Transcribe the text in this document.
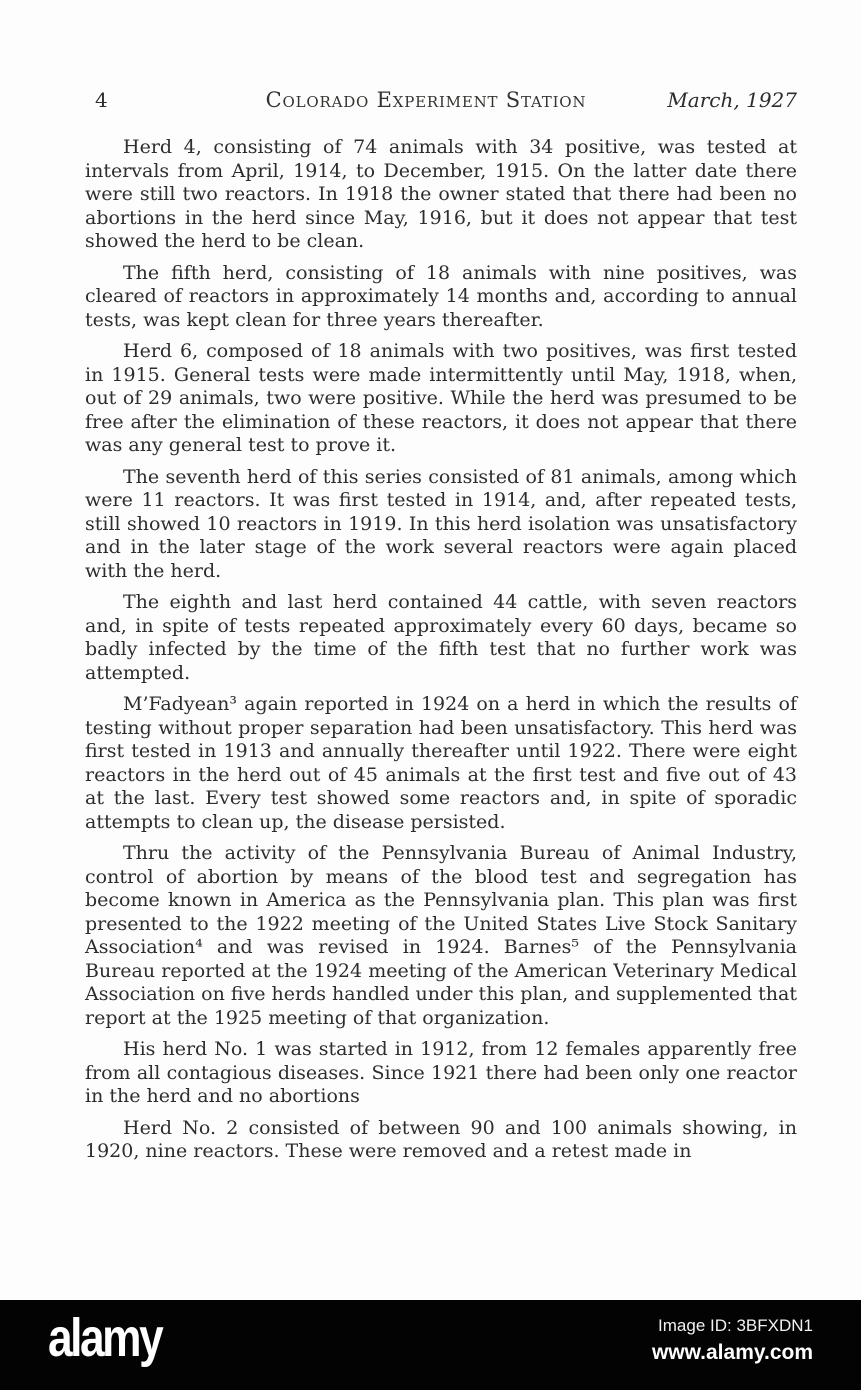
4	Colorado Experiment Station	March, 1927

Herd 4, consisting of 74 animals with 34 positive, was tested at intervals from April, 1914, to December, 1915. On the latter date there were still two reactors. In 1918 the owner stated that there had been no abortions in the herd since May, 1916, but it does not appear that test showed the herd to be clean.

The fifth herd, consisting of 18 animals with nine positives, was cleared of reactors in approximately 14 months and, according to annual tests, was kept clean for three years thereafter.

Herd 6, composed of 18 animals with two positives, was first tested in 1915. General tests were made intermittently until May, 1918, when, out of 29 animals, two were positive. While the herd was presumed to be free after the elimination of these reactors, it does not appear that there was any general test to prove it.

The seventh herd of this series consisted of 81 animals, among which were 11 reactors. It was first tested in 1914, and, after repeated tests, still showed 10 reactors in 1919. In this herd isolation was unsatisfactory and in the later stage of the work several reactors were again placed with the herd.

The eighth and last herd contained 44 cattle, with seven reactors and, in spite of tests repeated approximately every 60 days, became so badly infected by the time of the fifth test that no further work was attempted.

M’Fadyean³ again reported in 1924 on a herd in which the results of testing without proper separation had been unsatisfactory. This herd was first tested in 1913 and annually thereafter until 1922. There were eight reactors in the herd out of 45 animals at the first test and five out of 43 at the last. Every test showed some reactors and, in spite of sporadic attempts to clean up, the disease persisted.

Thru the activity of the Pennsylvania Bureau of Animal Industry, control of abortion by means of the blood test and segregation has become known in America as the Pennsylvania plan. This plan was first presented to the 1922 meeting of the United States Live Stock Sanitary Association⁴ and was revised in 1924. Barnes⁵ of the Pennsylvania Bureau reported at the 1924 meeting of the American Veterinary Medical Association on five herds handled under this plan, and supplemented that report at the 1925 meeting of that organization.

His herd No. 1 was started in 1912, from 12 females apparently free from all contagious diseases. Since 1921 there had been only one reactor in the herd and no abortions

Herd No. 2 consisted of between 90 and 100 animals showing, in 1920, nine reactors. These were removed and a retest made in

alamy	Image ID: 3BFXDN1
www.alamy.com
